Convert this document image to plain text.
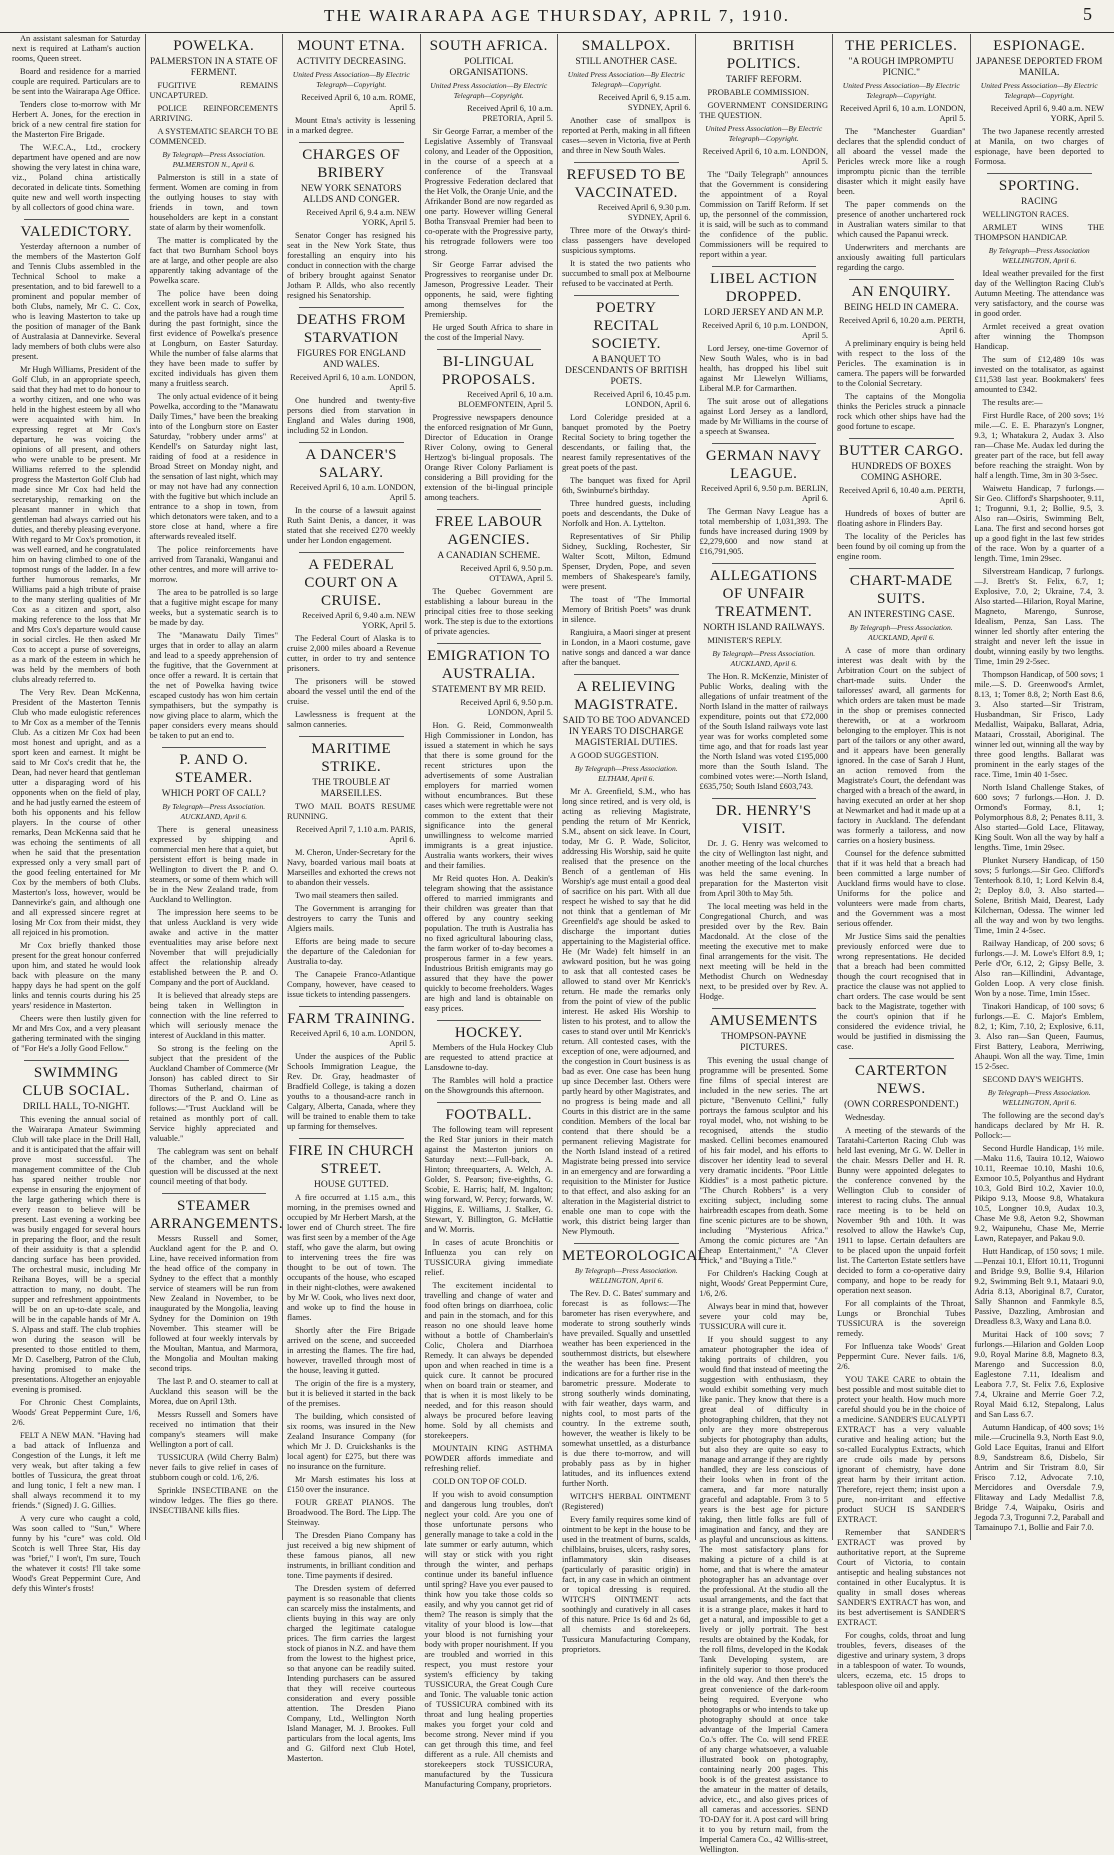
THE WAIRARAPA AGE THURSDAY, APRIL 7, 1910.	5

An assistant salesman for Saturday next is required at Latham's auction rooms, Queen street.

Board and residence for a married couple are required. Particulars are to be sent into the Wairarapa Age Office.

Tenders close to-morrow with Mr Herbert A. Jones, for the erection in brick of a new central fire station for the Masterton Fire Brigade.

The W.F.C.A., Ltd., crockery department have opened and are now showing the very latest in china ware, viz., Poland china artistically decorated in delicate tints. Something quite new and well worth inspecting by all collectors of good china ware.

VALEDICTORY.

Yesterday afternoon a number of the members of the Masterton Golf and Tennis Clubs assembled in the Technical School to make a presentation, and to bid farewell to a prominent and popular member of both Clubs, namely, Mr C. C. Cox, who is leaving Masterton to take up the position of manager of the Bank of Australasia at Dannevirke. Several lady members of both clubs were also present.

Mr Hugh Williams, President of the Golf Club, in an appropriate speech, said that they had met to do honour to a worthy citizen, and one who was held in the highest esteem by all who were acquainted with him. In expressing regret at Mr Cox's departure, he was voicing the opinions of all present, and others who were unable to be present. Mr Williams referred to the splendid progress the Masterton Golf Club had made since Mr Cox had held the secretaryship, remarking on the pleasant manner in which that gentleman had always carried out his duties, and thereby pleasing everyone. With regard to Mr Cox's promotion, it was well earned, and he congratulated him on having climbed to one of the topmost rungs of the ladder. In a few further humorous remarks, Mr Williams paid a high tribute of praise to the many sterling qualities of Mr Cox as a citizen and sport, also making reference to the loss that Mr and Mrs Cox's departure would cause in social circles. He then asked Mr Cox to accept a purse of sovereigns, as a mark of the esteem in which he was held by the members of both clubs already referred to.

The Very Rev. Dean McKenna, President of the Masterton Tennis Club who made eulogistic references to Mr Cox as a member of the Tennis Club. As a citizen Mr Cox had been most honest and upright, and as a sport keen and earnest. It might be said to Mr Cox's credit that he, the Dean, had never heard that gentleman utter a disparaging word of his opponents when on the field of play, and he had justly earned the esteem of both his opponents and his fellow players. In the course of other remarks, Dean McKenna said that he was echoing the sentiments of all when he said that the presentation expressed only a very small part of the good feeling entertained for Mr Cox by the members of both Clubs. Masterton's loss, however, would be Dannevirke's gain, and although one and all expressed sincere regret at losing Mr Cox from their midst, they all rejoiced in his promotion.

Mr Cox briefly thanked those present for the great honour conferred upon him, and stated he would look back with pleasure on the many happy days he had spent on the golf links and tennis courts during his 25 years' residence in Masterton.

Cheers were then lustily given for Mr and Mrs Cox, and a very pleasant gathering terminated with the singing of "For He's a Jolly Good Fellow."

SWIMMING CLUB SOCIAL.
DRILL HALL, TO-NIGHT.

This evening the annual social of the Wairarapa Amateur Swimming Club will take place in the Drill Hall, and it is anticipated that the affair will prove most successful. The management committee of the Club has spared neither trouble nor expense in ensuring the enjoyment of the large gathering which there is every reason to believe will be present. Last evening a working bee was busily engaged for several hours in preparing the floor, and the result of their assiduity is that a splendid dancing surface has been provided. The orchestral music, including Mr Reihana Boyes, will be a special attraction to many, no doubt. The supper and refreshment appointments will be on an up-to-date scale, and will be in the capable hands of Mr A. S. Alpass and staff. The club trophies won during the season will be presented to those entitled to them, Mr D. Caselberg, Patron of the Club, having promised to make the presentations. Altogether an enjoyable evening is promised.

For Chronic Chest Complaints, Woods' Great Peppermint Cure, 1/6, 2/6.

FELT A NEW MAN. "Having had a bad attack of Influenza and Congestion of the Lungs, it left me very weak, but after taking a few bottles of Tussicura, the great throat and lung tonic, I felt a new man. I shall always recommend it to my friends." (Signed) J. G. Gillies.

A very cure who caught a cold, Was soon called to "Sun," Where funny by his "cure" was cold. Old Scotch is well Three Star, His day was "brief," I won't, I'm sure, Touch the whatever it costs! I'll take some Wood's Great Peppermint Cure, And defy this Winter's frosts!

POWELKA.
PALMERSTON IN A STATE OF FERMENT.

FUGITIVE REMAINS UNCAPTURED.

POLICE REINFORCEMENTS ARRIVING.

A SYSTEMATIC SEARCH TO BE COMMENCED.

By Telegraph—Press Association. PALMERSTON N., April 6.

Palmerston is still in a state of ferment. Women are coming in from the outlying houses to stay with friends in town, and town householders are kept in a constant state of alarm by their womenfolk.

The matter is complicated by the fact that two Burnham School boys are at large, and other people are also apparently taking advantage of the Powelka scare.

The police have been doing excellent work in search of Powelka, and the patrols have had a rough time during the past fortnight, since the first evidence of Powelka's presence at Longburn, on Easter Saturday. While the number of false alarms that they have been made to suffer by excited individuals has given them many a fruitless search.

The only actual evidence of it being Powelka, according to the "Manawatu Daily Times," have been the breaking into of the Longburn store on Easter Saturday, "robbery under arms" at Kendell's on Saturday night last, raiding of food at a residence in Broad Street on Monday night, and the sensation of last night, which may or may not have had any connection with the fugitive but which include an entrance to a shop in town, from which detonators were taken, and to a store close at hand, where a fire afterwards revealed itself.

The police reinforcements have arrived from Taranaki, Wanganui and other centres, and more will arrive to-morrow.

The area to be patrolled is so large that a fugitive might escape for many weeks, but a systematic search is to be made by day.

The "Manawatu Daily Times" urges that in order to allay an alarm and lead to a speedy apprehension of the fugitive, that the Government at once offer a reward. It is certain that the net of Powelka having twice escaped custody has won him certain sympathisers, but the sympathy is now giving place to alarm, which the paper considers every means should be taken to put an end to.

P. AND O. STEAMER.
WHICH PORT OF CALL?

By Telegraph—Press Association. AUCKLAND, April 6.

There is general uneasiness expressed by shipping and commercial men here that a quiet, but persistent effort is being made in Wellington to divert the P. and O. steamers, or some of them which will be in the New Zealand trade, from Auckland to Wellington.

The impression here seems to be that unless Auckland is very wide awake and active in the matter eventualities may arise before next November that will prejudicially affect the relationship already established between the P. and O. Company and the port of Auckland.

It is believed that already steps are being taken in Wellington in connection with the line referred to which will seriously menace the interest of Auckland in this matter.

So strong is the feeling on the subject that the president of the Auckland Chamber of Commerce (Mr Jonson) has cabled direct to Sir Thomas Sutherland, chairman of directors of the P. and O. Line as follows:—"Trust Auckland will be retained as monthly port of call. Service highly appreciated and valuable."

The cablegram was sent on behalf of the chamber, and the whole question will be discussed at the next council meeting of that body.

STEAMER ARRANGEMENTS.

Messrs Russell and Somer, Auckland agent for the P. and O. Line, have received information from the head office of the company in Sydney to the effect that a monthly service of steamers will be run from New Zealand in November, to be inaugurated by the Mongolia, leaving Sydney for the Dominion on 19th November. This steamer will be followed at four weekly intervals by the Moultan, Mantua, and Marmora, the Mongolia and Moultan making second trips.

The last P. and O. steamer to call at Auckland this season will be the Morea, due on April 13th.

Messrs Russell and Somers have received no intimation that their company's steamers will make Wellington a port of call.

TUSSICURA (Wild Cherry Balm) never fails to give relief in cases of stubborn cough or cold. 1/6, 2/6.

Sprinkle INSECTIBANE on the window ledges. The flies go there. INSECTIBANE kills flies.

MOUNT ETNA.
ACTIVITY DECREASING.

United Press Association—By Electric Telegraph—Copyright.

Received April 6, 10 a.m. ROME, April 5.

Mount Etna's activity is lessening in a marked degree.

CHARGES OF BRIBERY
NEW YORK SENATORS ALLDS AND CONGER.

Received April 6, 9.4 a.m. NEW YORK, April 5.

Senator Conger has resigned his seat in the New York State, thus forestalling an enquiry into his conduct in connection with the charge of bribery brought against Senator Jotham P. Allds, who also recently resigned his Senatorship.

DEATHS FROM STARVATION
FIGURES FOR ENGLAND AND WALES.

Received April 6, 10 a.m. LONDON, April 5.

One hundred and twenty-five persons died from starvation in England and Wales during 1908, including 52 in London.

A DANCER'S SALARY.

Received April 6, 10 a.m. LONDON, April 5.

In the course of a lawsuit against Ruth Saint Denis, a dancer, it was stated that she received £270 weekly under her London engagement.

A FEDERAL COURT ON A CRUISE.

Received April 6, 9.40 a.m. NEW YORK, April 5.

The Federal Court of Alaska is to cruise 2,000 miles aboard a Revenue cutter, in order to try and sentence prisoners.

The prisoners will be stowed aboard the vessel until the end of the cruise.

Lawlessness is frequent at the salmon canneries.

MARITIME STRIKE.
THE TROUBLE AT MARSEILLES.

TWO MAIL BOATS RESUME RUNNING.

Received April 7, 1.10 a.m. PARIS, April 6.

M. Cheron, Under-Secretary for the Navy, boarded various mail boats at Marseilles and exhorted the crews not to abandon their vessels.

Two mail steamers then sailed.

The Government is arranging for destroyers to carry the Tunis and Algiers mails.

Efforts are being made to secure the departure of the Caledonian for Australia to-day.

The Canapeie Franco-Atlantique Company, however, have ceased to issue tickets to intending passengers.

FARM TRAINING.

Received April 6, 10 a.m. LONDON, April 5.

Under the auspices of the Public Schools Immigration League, the Rev. Dr. Gray, headmaster of Bradfield College, is taking a dozen youths to a thousand-acre ranch in Calgary, Alberta, Canada, where they will be trained to enable them to take up farming for themselves.

FIRE IN CHURCH STREET.
HOUSE GUTTED.

A fire occurred at 1.15 a.m., this morning, in the premises owned and occupied by Mr Herbert Marsh, at the lower end of Church street. The fire was first seen by a member of the Age staff, who gave the alarm, but owing to intervening trees the fire was thought to be out of town. The occupants of the house, who escaped in their night-clothes, were awakened by Mr W. Cook, who lives next door, and woke up to find the house in flames.

Shortly after the Fire Brigade arrived on the scene, and succeeded in arresting the flames. The fire had, however, travelled through most of the house, leaving it gutted.

The origin of the fire is a mystery, but it is believed it started in the back of the premises.

The building, which consisted of six rooms, was insured in the New Zealand Insurance Company (for which Mr J. D. Cruickshanks is the local agent) for £275, but there was no insurance on the furniture.

Mr Marsh estimates his loss at £150 over the insurance.

FOUR GREAT PIANOS. The Broadwood. The Bord. The Lipp. The Steinway.

The Dresden Piano Company has just received a big new shipment of these famous pianos, all new instruments, in brilliant condition and tone. Time payments if desired.

The Dresden system of deferred payment is so reasonable that clients can scarcely miss the instalments, and clients buying in this way are only charged the legitimate catalogue prices. The firm carries the largest stock of pianos in N.Z. and have them from the lowest to the highest price, so that anyone can be readily suited. Intending purchasers can be assured that they will receive courteous consideration and every possible attention. The Dresden Piano Company, Ltd., Wellington North Island Manager, M. J. Brookes. Full particulars from the local agents, Ims and G. Gilford next Club Hotel, Masterton.

SOUTH AFRICA.
POLITICAL ORGANISATIONS.

United Press Association—By Electric Telegraph—Copyright.

Received April 6, 10 a.m. PRETORIA, April 5.

Sir George Farrar, a member of the Legislative Assembly of Transvaal colony, and Leader of the Opposition, in the course of a speech at a conference of the Transvaal Progressive Federation declared that the Het Volk, the Oranje Unie, and the Afrikander Bond are now regarded as one party. However willing General Botha Transvaal Premier had been to co-operate with the Progressive party, his retrograde followers were too strong.

Sir George Farrar advised the Progressives to reorganise under Dr. Jameson, Progressive Leader. Their opponents, he said, were fighting among themselves for the Premiership.

He urged South Africa to share in the cost of the Imperial Navy.

BI-LINGUAL PROPOSALS.

Received April 6, 10 a.m. BLOEMFONTEIN, April 5.

Progressive newspapers denounce the enforced resignation of Mr Gunn, Director of Education in Orange River Colony, owing to General Hertzog's bi-lingual proposals. The Orange River Colony Parliament is considering a Bill providing for the extension of the bi-lingual principle among teachers.

FREE LABOUR AGENCIES.
A CANADIAN SCHEME.

Received April 6, 9.50 p.m. OTTAWA, April 5.

The Quebec Government are establishing a labour bureau in the principal cities free to those seeking work. The step is due to the extortions of private agencies.

EMIGRATION TO AUSTRALIA.
STATEMENT BY MR REID.

Received April 6, 9.50 p.m. LONDON, April 5.

Hon. G. Reid, Commonwealth High Commissioner in London, has issued a statement in which he says that there is some ground for the recent strictures upon the advertisements of some Australian employers for married women without encumbrances. But these cases which were regrettable were not common to the extent that their significance into the general unwillingness to welcome married immigrants is a great injustice. Australia wants workers, their wives and their families.

Mr Reid quotes Hon. A. Deakin's telegram showing that the assistance offered to married immigrants and their children was greater than that offered by any country seeking population. The truth is Australia has no fixed agricultural labouring class, the farm worker of to-day becomes a prosperous farmer in a few years. Industrious British emigrants may go assured that they have the power quickly to become freeholders. Wages are high and land is obtainable on easy prices.

HOCKEY.

Members of the Hula Hockey Club are requested to attend practice at Lansdowne to-day.

The Rambles will hold a practice on the Showgrounds this afternoon.

FOOTBALL.

The following team will represent the Red Star juniors in their match against the Masterton juniors on Saturday next:—Full-back, A. Hinton; threequarters, A. Welch, A. Golder, S. Pearson; five-eighths, G. Scobie, E. Harris; half, M. Ingalton; wing forward, W. Percy; forwards, W. Higgins, E. Williams, J. Stalker, G. Stewart, Y. Billington, G. McHattie and W. Morris.

In cases of acute Bronchitis or Influenza you can rely on TUSSICURA giving immediate relief.

The excitement incidental to travelling and change of water and food often brings on diarrhoea, colic and pain in the stomach, and for this reason no one should leave home without a bottle of Chamberlain's Colic, Cholera and Diarrhoea Remedy. It can always be depended upon and when reached in time is a quick cure. It cannot be procured when on board train or steamer, and that is when it is most likely to be needed, and for this reason should always be procured before leaving home. Sold by all chemists and storekeepers.

MOUNTAIN KING ASTHMA POWDER affords immediate and refreshing relief.

COLD ON TOP OF COLD.

If you wish to avoid consumption and dangerous lung troubles, don't neglect your cold. Are you one of those unfortunate persons who generally manage to take a cold in the late summer or early autumn, which will stay or stick with you right through the winter, and perhaps continue under its baneful influence until spring? Have you ever paused to think how you take those colds so easily, and why you cannot get rid of them? The reason is simply that the vitality of your blood is low—that your blood is not furnishing your body with proper nourishment. If you are troubled and worried in this respect, you must restore your system's efficiency by taking TUSSICURA, the Great Cough Cure and Tonic. The valuable tonic action of TUSSICURA combined with its throat and lung healing properties makes you forget your cold and become strong. Never mind if you can get through this time, and feel different as a rule. All chemists and storekeepers stock TUSSICURA, manufactured by the Tussicura Manufacturing Company, proprietors.

SMALLPOX.
STILL ANOTHER CASE.

United Press Association—By Electric Telegraph—Copyright.

Received April 6, 9.15 a.m. SYDNEY, April 6.

Another case of smallpox is reported at Perth, making in all fifteen cases—seven in Victoria, five at Perth and three in New South Wales.

REFUSED TO BE VACCINATED.

Received April 6, 9.30 p.m. SYDNEY, April 6.

Three more of the Otway's third-class passengers have developed suspicious symptoms.

It is stated the two patients who succumbed to small pox at Melbourne refused to be vaccinated at Perth.

POETRY RECITAL SOCIETY.
A BANQUET TO DESCENDANTS OF BRITISH POETS.

Received April 6, 10.45 p.m. LONDON, April 6.

Lord Coleridge presided at a banquet promoted by the Poetry Recital Society to bring together the descendants, or failing that, the nearest family representatives of the great poets of the past.

The banquet was fixed for April 6th, Swinburne's birthday.

Three hundred guests, including poets and descendants, the Duke of Norfolk and Hon. A. Lyttelton.

Representatives of Sir Philip Sidney, Suckling, Rochester, Sir Walter Scott, Milton, Edmund Spenser, Dryden, Pope, and seven members of Shakespeare's family, were present.

The toast of "The Immortal Memory of British Poets" was drunk in silence.

Rangiuira, a Maori singer at present in London, in a Maori costume, gave native songs and danced a war dance after the banquet.

A RELIEVING MAGISTRATE.
SAID TO BE TOO ADVANCED IN YEARS TO DISCHARGE MAGISTERIAL DUTIES.

A GOOD SUGGESTION.

By Telegraph—Press Association. ELTHAM, April 6.

Mr A. Greenfield, S.M., who has long since retired, and is very old, is acting as relieving Magistrate, pending the return of Mr Kenrick, S.M., absent on sick leave. In Court, today, Mr G. P. Wade, Solicitor, addressing His Worship, said he quite realised that the presence on the Bench of a gentleman of His Worship's age must entail a good deal of sacrifice on his part. With all due respect he wished to say that he did not think that a gentleman of Mr Greenfield's age should be asked to discharge the important duties appertaining to the Magisterial office. He (Mr Wade) felt himself in an awkward position, but he was going to ask that all contested cases be allowed to stand over Mr Kenrick's return. He made the remarks only from the point of view of the public interest. He asked His Worship to listen to his protest, and to allow the cases to stand over until Mr Kenrick's return. All contested cases, with the exception of one, were adjourned, and the congestion in Court business is as bad as ever. One case has been hung up since December last. Others were partly heard by other Magistrates, and no progress is being made and all Courts in this district are in the same condition. Members of the local bar contend that there should be a permanent relieving Magistrate for the North Island instead of a retired Magistrate being pressed into service in an emergency and are forwarding a requisition to the Minister for Justice to that effect, and also asking for an alteration in the Magisterial district to enable one man to cope with the work, this district being larger than New Plymouth.

METEOROLOGICAL

By Telegraph—Press Association. WELLINGTON, April 6.

The Rev. D. C. Bates' summary and forecast is as follows:—The barometer has risen everywhere, and moderate to strong southerly winds have prevailed. Squally and unsettled weather has been experienced in the southernmost districts, but elsewhere the weather has been fine. Present indications are for a further rise in the barometric pressure. Moderate to strong southerly winds dominating, with fair weather, days warm, and nights cool, to most parts of the country. In the extreme south, however, the weather is likely to be somewhat unsettled, as a disturbance is due there to-morrow, and will probably pass as by in higher latitudes, and its influences extend further North.

WITCH'S HERBAL OINTMENT (Registered)

Every family requires some kind of ointment to be kept in the house to be used in the treatment of burns, scalds, chilblains, bruises, ulcers, rashy sores, inflammatory skin diseases (particularly of parasitic origin) in fact, in any case in which an ointment or topical dressing is required. WITCH'S OINTMENT acts soothingly and curatively in all cases of this nature. Price 1s 6d and 2s 6d, all chemists and storekeepers. Tussicura Manufacturing Company, proprietors.

BRITISH POLITICS.
TARIFF REFORM.

PROBABLE COMMISSION.

GOVERNMENT CONSIDERING THE QUESTION.

United Press Association—By Electric Telegraph—Copyright.

Received April 6, 10 a.m. LONDON, April 5.

The "Daily Telegraph" announces that the Government is considering the appointment of a Royal Commission on Tariff Reform. If set up, the personnel of the commission, it is said, will be such as to command the confidence of the public. Commissioners will be required to report within a year.

LIBEL ACTION DROPPED.
LORD JERSEY AND AN M.P.

Received April 6, 10 p.m. LONDON, April 5.

Lord Jersey, one-time Governor of New South Wales, who is in bad health, has dropped his libel suit against Mr Llewelyn Williams, Liberal M.P. for Carmarthen.

The suit arose out of allegations against Lord Jersey as a landlord, made by Mr Williams in the course of a speech at Swansea.

GERMAN NAVY LEAGUE.

Received April 6, 9.50 p.m. BERLIN, April 6.

The German Navy League has a total membership of 1,031,393. The funds have increased during 1909 by £2,279,600 and now stand at £16,791,905.

ALLEGATIONS OF UNFAIR TREATMENT.
NORTH ISLAND RAILWAYS.

MINISTER'S REPLY.

By Telegraph—Press Association. AUCKLAND, April 6.

The Hon. R. McKenzie, Minister of Public Works, dealing with the allegations of unfair treatment of the North Island in the matter of railways expenditure, points out that £72,000 of the South Island railways vote last year was for works completed some time ago, and that for roads last year the North Island was voted £195,000 more than the South Island. The combined votes were:—North Island, £635,750; South Island £603,743.

DR. HENRY'S VISIT.

Dr. J. G. Henry was welcomed to the city of Wellington last night, and another meeting of the local churches was held the same evening. In preparation for the Masterton visit from April 30th to May 5th.

The local meeting was held in the Congregational Church, and was presided over by the Rev. Bain Macdonald. At the close of the meeting the executive met to make final arrangements for the visit. The next meeting will be held in the Methodist Church on Wednesday next, to be presided over by Rev. A. Hodge.

AMUSEMENTS
THOMPSON-PAYNE PICTURES.

This evening the usual change of programme will be presented. Some fine films of special interest are included in the new series. The art picture, "Benvenuto Cellini," fully portrays the famous sculptor and his royal model, who, not wishing to be recognised, attends the studio masked. Cellini becomes enamoured of his fair model, and his efforts to discover her identity lead to several very dramatic incidents. "Poor Little Kiddies" is a most pathetic picture. "The Church Robbers" is a very exciting subject, including some hairbreadth escapes from death. Some fine scenic pictures are to be shown, including "Mysterious Africa." Among the comic pictures are "An Cheap Entertainment," "A Clever Trick," and "Buying a Title."

For Children's Hacking Cough at night, Woods' Great Peppermint Cure, 1/6, 2/6.

Always bear in mind that, however severe your cold may be, TUSSICURA will cure it.

If you should suggest to any amateur photographer the idea of taking portraits of children, you would find that instead of meeting the suggestion with enthusiasm, they would exhibit something very much like panic. They know that there is a great deal of difficulty in photographing children, that they not only are they more obstreperous subjects for photography than adults, but also they are quite so easy to manage and arrange if they are rightly handled, they are less conscious of their looks when in front of the camera, and far more naturally graceful and adaptable. From 3 to 5 years is the best age for picture taking, then little folks are full of imagination and fancy, and they are as playful and uncunscious as kittens. The most satisfactory plans for making a picture of a child is at home, and that is where the amateur photographer has an advantage over the professional. At the studio all the usual arrangements, and the fact that it is a strange place, makes it hard to get a natural, and impossible to get a lively or jolly portrait. The best results are obtained by the Kodak, for the roll films, developed in the Kodak Tank Developing system, are infinitely superior to those produced in the old way. And then there's the great convenience of the dark-room being required. Everyone who photographs or who intends to take up photography should at once take advantage of the Imperial Camera Co.'s offer. The Co. will send FREE of any charge whatsoever, a valuable illustrated book on photography, containing nearly 200 pages. This book is of the greatest assistance to the amateur in the matter of details, advice, etc., and also gives prices of all cameras and accessories. SEND TO-DAY for it. A post card will bring it to you by return mail, from the Imperial Camera Co., 42 Willis-street, Wellington.

THE PERICLES.
"A ROUGH IMPROMPTU PICNIC."

United Press Association—By Electric Telegraph—Copyright.

Received April 6, 10 a.m. LONDON, April 5.

The "Manchester Guardian" declares that the splendid conduct of all aboard the vessel made the Pericles wreck more like a rough impromptu picnic than the terrible disaster which it might easily have been.

The paper commends on the presence of another unchartered rock in Australian waters similar to that which caused the Papanui wreck.

Underwriters and merchants are anxiously awaiting full particulars regarding the cargo.

AN ENQUIRY.
BEING HELD IN CAMERA.

Received April 6, 10.20 a.m. PERTH, April 6.

A preliminary enquiry is being held with respect to the loss of the Pericles. The examination is in camera. The papers will be forwarded to the Colonial Secretary.

The captains of the Mongolia thinks the Pericles struck a pinnacle rock which other ships have had the good fortune to escape.

BUTTER CARGO.
HUNDREDS OF BOXES COMING ASHORE.

Received April 6, 10.40 a.m. PERTH, April 6.

Hundreds of boxes of butter are floating ashore in Flinders Bay.

The locality of the Pericles has been found by oil coming up from the engine room.

CHART-MADE SUITS.
AN INTERESTING CASE.

By Telegraph—Press Association. AUCKLAND, April 6.

A case of more than ordinary interest was dealt with by the Arbitration Court on the subject of chart-made suits. Under the tailoresses' award, all garments for which orders are taken must be made in the shop or premises connected therewith, or at a workroom belonging to the employer. This is not part of the tailors or any other award, and it appears have been generally ignored. In the case of Sarah J Hunt, an action removed from the Magistrate's Court, the defendant was charged with a breach of the award, in having executed an order at her shop at Newmarket and had it made up at a factory in Auckland. The defendant was formerly a tailoress, and now carries on a hosiery business.

Counsel for the defence submitted that if it was held that a breach had been committed a large number of Auckland firms would have to close. Uniforms for the police and volunteers were made from charts, and the Government was a most serious offender.

Mr Justice Sims said the penalties previously enforced were due to wrong representations. He decided that a breach had been committed though the court recognised that in practice the clause was not applied to chart orders. The case would be sent back to the Magistrate, together with the court's opinion that if he considered the evidence trivial, he would be justified in dismissing the case.

CARTERTON NEWS.
(OWN CORRESPONDENT.)

Wednesday.

A meeting of the stewards of the Taratahi-Carterton Racing Club was held last evening, Mr G. W. Deller in the chair. Messrs Deller and H. R. Bunny were appointed delegates to the conference convened by the Wellington Club to consider of interest to racing clubs. The annual race meeting is to be held on November 9th and 10th. It was resolved to allow the Hawke's Cup, 1911 to lapse. Certain defaulters are to be placed upon the unpaid forfeit list. The Carterton Estate settlers have decided to form a co-operative dairy company, and hope to be ready for operation next season.

For all complaints of the Throat, Lungs or Bronchial Tubes TUSSICURA is the sovereign remedy.

For Influenza take Woods' Great Peppermint Cure. Never fails. 1/6, 2/6.

YOU TAKE CARE to obtain the best possible and most suitable diet to protect your health. How much more careful should you be in the choice of a medicine. SANDER'S EUCALYPTI EXTRACT has a very valuable curative and healing action; but the so-called Eucalyptus Extracts, which are crude oils made by persons ignorant of chemistry, have done great harm by their irritant action. Therefore, reject them; insist upon a pure, non-irritant and effective product SUCH IS SANDER'S EXTRACT.

Remember that SANDER'S EXTRACT was proved by authoritative report, at the Supreme Court of Victoria, to contain antiseptic and healing substances not contained in other Eucalyptus. It is quality in small doses whereas SANDER'S EXTRACT has won, and its best advertisement is SANDER'S EXTRACT.

For coughs, colds, throat and lung troubles, fevers, diseases of the digestive and urinary system, 3 drops in a tablespoon of water. To wounds, ulcers, eczema, etc. 15 drops to tablespoon olive oil and apply.

ESPIONAGE.
JAPANESE DEPORTED FROM MANILA.

United Press Association—By Electric Telegraph—Copyright.

Received April 6, 9.40 a.m. NEW YORK, April 5.

The two Japanese recently arrested at Manila, on two charges of espionage, have been deported to Formosa.

SPORTING.
RACING

WELLINGTON RACES.

ARMLET WINS THE THOMPSON HANDICAP.

By Telegraph—Press Association WELLINGTON, April 6.

Ideal weather prevailed for the first day of the Wellington Racing Club's Autumn Meeting. The attendance was very satisfactory, and the course was in good order.

Armlet received a great ovation after winning the Thompson Handicap.

The sum of £12,489 10s was invested on the totalisator, as against £11,538 last year. Bookmakers' fees amounted to £342.

The results are:—

First Hurdle Race, of 200 sovs; 1½ mile.—C. E. E. Pharazyn's Longner, 9.3, 1; Whatakura 2, Audax 3. Also ran—Chase Me. Audax led during the greater part of the race, but fell away before reaching the straight. Won by half a length. Time, 3m in 30 3-5sec.

Waiwetu Handicap, 7 furlongs.—Sir Geo. Clifford's Sharpshooter, 9.11, 1; Trogunni, 9.1, 2; Bollie, 9.5, 3. Also ran—Osiris, Swimming Belt, Lana. The first and second horses got up a good fight in the last few strides of the race. Won by a quarter of a length. Time, 1min 29sec.

Silverstream Handicap, 7 furlongs.—J. Brett's St. Felix, 6.7, 1; Explosive, 7.0, 2; Ukraine, 7.4, 3. Also started—Hilarion, Royal Marine, Magneto, Marengo, Sunrose, Idealism, Penza, San Lass. The winner led shortly after entering the straight and never left the issue in doubt, winning easily by two lengths. Time, 1min 29 2-5sec.

Thompson Handicap, of 500 sovs; 1 mile.—S. D. Greenwood's Armlet, 8.13, 1; Tomer 8.8, 2; North East 8.6, 3. Also started—Sir Tristram, Husbandman, Sir Frisco, Lady Medallist, Waipaku, Ballarat, Adria, Mataari, Crosstail, Aboriginal. The winner led out, winning all the way by three good lengths. Ballarat was prominent in the early stages of the race. Time, 1min 40 1-5sec.

North Island Challenge Stakes, of 600 sovs; 7 furlongs.—Hon. J. D. Ormond's Formay, 8.1, 1; Polymorphous 8.8, 2; Penates 8.11, 3. Also started—Gold Lace, Flitaway, King Soult. Won all the way by half a lengths. Time, 1min 29sec.

Plunket Nursery Handicap, of 150 sovs; 5 furlongs.—Sir Geo. Clifford's Tenterhook 8.10, 1; Lord Kelvin 8.4, 2; Deploy 8.0, 3. Also started—Solene, British Maid, Dearest, Lady Kilchernan, Odessa. The winner led all the way and won by two lengths. Time, 1min 2 4-5sec.

Railway Handicap, of 200 sovs; 6 furlongs.—J. M. Lowe's Elfort 8.9, 1; Perle d'Or, 6.12, 2; Gipsy Belle, 3. Also ran—Killindini, Advantage, Golden Loop. A very close finish. Won by a nose. Time, 1min 15sec.

Tinakori Handicap, of 100 sovs; 6 furlongs.—E. C. Major's Emblem, 8.2, 1; Kim, 7.10, 2; Explosive, 6.11, 3. Also ran—San Queen, Faumus, First Battery, Leabora, Merriwing, Ahaupi. Won all the way. Time, 1min 15 2-5sec.

SECOND DAY'S WEIGHTS.

By Telegraph—Press Association. WELLINGTON, April 6.

The following are the second day's handicaps declared by Mr H. R. Pollock:—

Second Hurdle Handicap, 1½ mile.—Maku 11.6, Tauira 10.12, Waiowo 10.11, Reemae 10.10, Mashi 10.6, Exmoor 10.5, Polyanthus and Hydrant 10.3, Gold Bird 10.2, Xavier 10.0, Pikipo 9.13, Moose 9.8, Whatakura 10.5, Longner 10.9, Audax 10.3, Chase Me 9.8, Aeton 9.2, Showman 9.2, Waipunehu, Chase Me, Merrie Lawn, Ratepayer, and Pakau 9.0.

Hutt Handicap, of 150 sovs; 1 mile.—Penzai 10.1, Elfort 10.11, Trogunni and Bridge 9.9, Bollie 9.4, Hilarion 9.2, Swimming Belt 9.1, Mataari 9.0, Adria 8.13, Aboriginal 8.7, Curator, Sally Shannon and Fanmkyle 8.5, Passive, Dazzling, Ambrosian and Dreadless 8.3, Waxy and Lana 8.0.

Muritai Hack of 100 sovs; 7 furlongs.—Hilarion and Golden Loop 9.0, Royal Marine 8.8, Magneto 8.3, Marengo and Succession 8.0, Eaglestone 7.11, Idealism and Leabora 7.7, St. Felix 7.6, Explosive 7.4, Ukraine and Merrie Goer 7.2, Royal Maid 6.12, Stepalong, Lalus and San Lass 6.7.

Autumn Handicap, of 400 sovs; 1½ mile.—Crucinella 9.3, North East 9.0, Gold Lace Equitas, Iranui and Elfort 8.9, Sandstream 8.6, Disbelo, Sir Antrim and Sir Tristram 8.0, Sir Frisco 7.12, Advocate 7.10, Mercidores and Oversdale 7.9, Flitaway and Lady Medallist 7.8, Bridge 7.4, Waipaku, Osiris and Jegoda 7.3, Trogunni 7.2, Paraball and Tamainupo 7.1, Bollie and Fair 7.0.
